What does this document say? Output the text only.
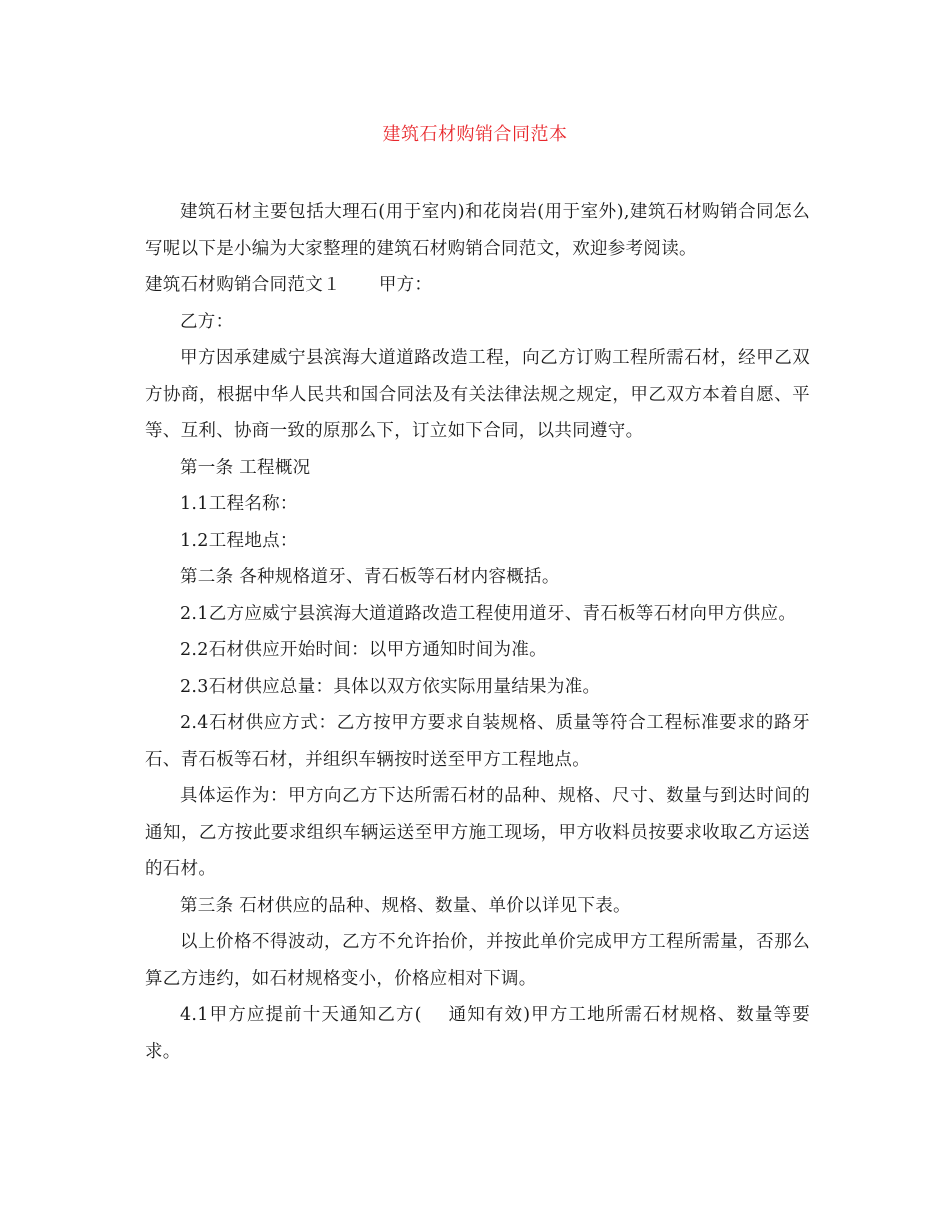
建筑石材购销合同范本

建筑石材主要包括大理石(用于室内)和花岗岩(用于室外),建筑石材购销合同怎么写呢以下是小编为大家整理的建筑石材购销合同范文，欢迎参考阅读。

建筑石材购销合同范文１ 甲方：

乙方：

甲方因承建威宁县滨海大道道路改造工程，向乙方订购工程所需石材，经甲乙双方协商，根据中华人民共和国合同法及有关法律法规之规定，甲乙双方本着自愿、平等、互利、协商一致的原那么下，订立如下合同，以共同遵守。

第一条 工程概况

1.1工程名称：

1.2工程地点：

第二条 各种规格道牙、青石板等石材内容概括。

2.1乙方应威宁县滨海大道道路改造工程使用道牙、青石板等石材向甲方供应。

2.2石材供应开始时间：以甲方通知时间为准。

2.3石材供应总量：具体以双方依实际用量结果为准。

2.4石材供应方式：乙方按甲方要求自装规格、质量等符合工程标准要求的路牙石、青石板等石材，并组织车辆按时送至甲方工程地点。

具体运作为：甲方向乙方下达所需石材的品种、规格、尺寸、数量与到达时间的通知，乙方按此要求组织车辆运送至甲方施工现场，甲方收料员按要求收取乙方运送的石材。

第三条 石材供应的品种、规格、数量、单价以详见下表。

以上价格不得波动，乙方不允许抬价，并按此单价完成甲方工程所需量，否那么算乙方违约，如石材规格变小，价格应相对下调。

4.1甲方应提前十天通知乙方( 通知有效)甲方工地所需石材规格、数量等要求。
